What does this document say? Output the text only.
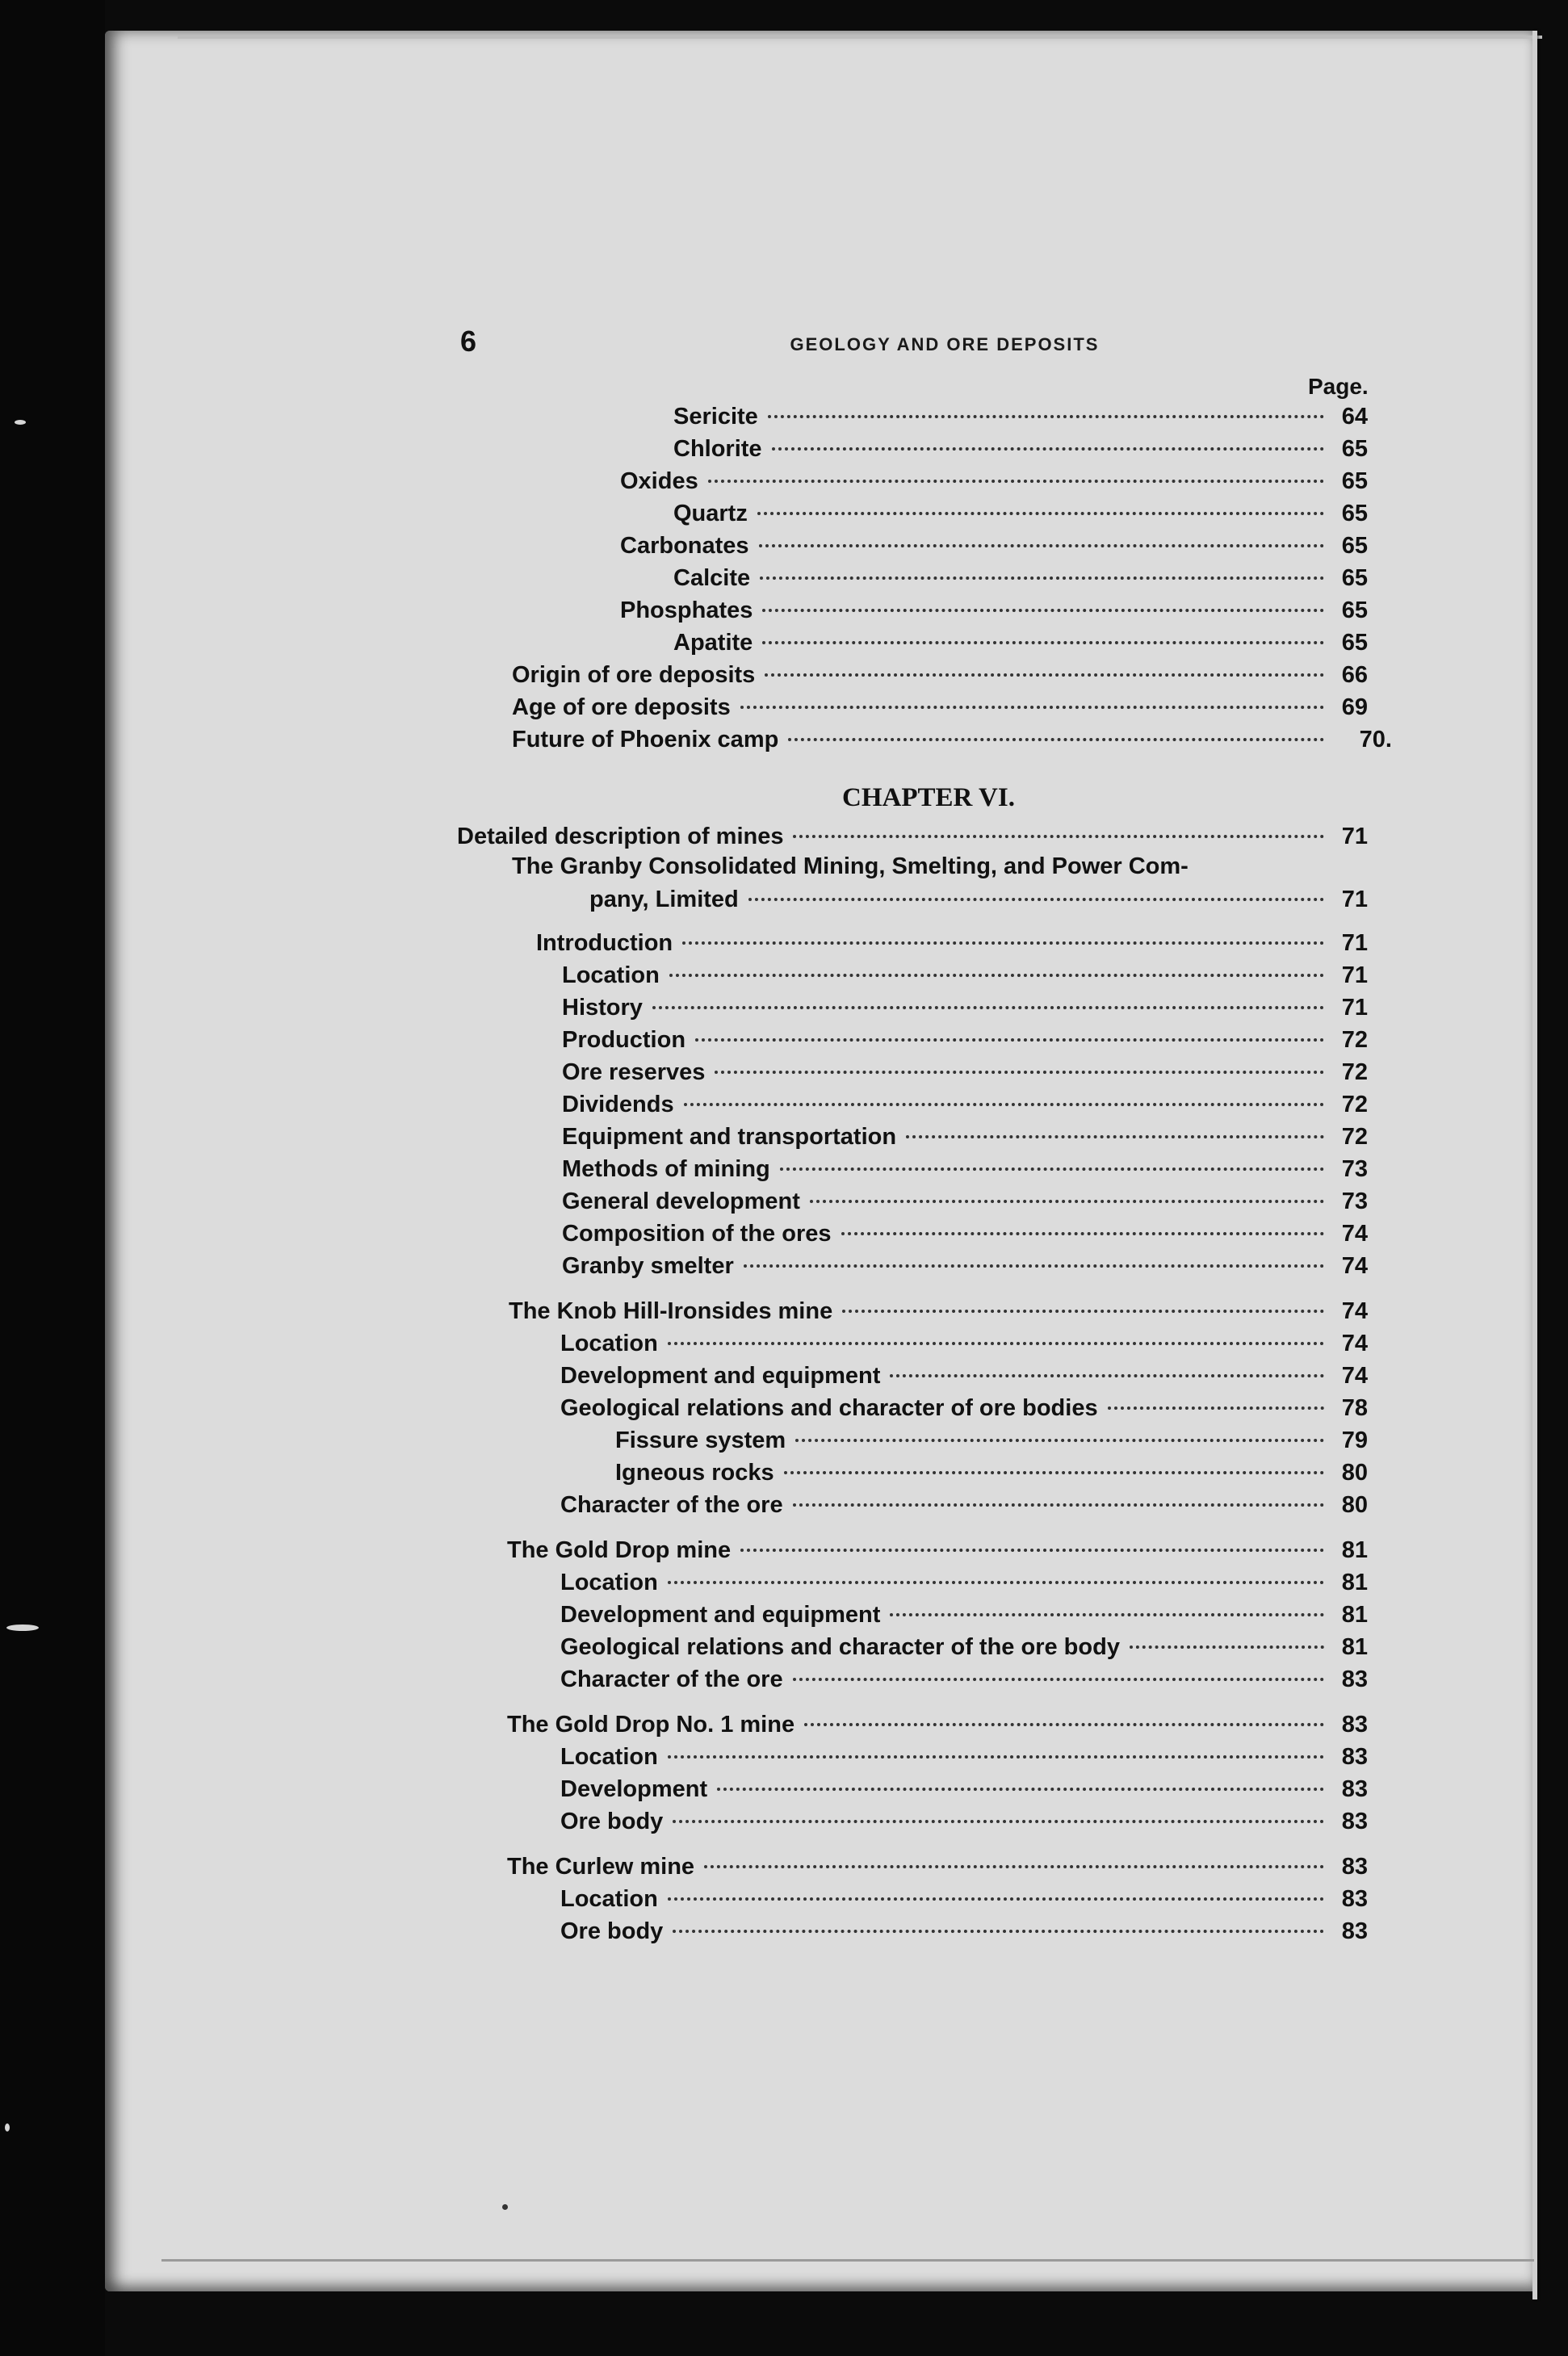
6	GEOLOGY AND ORE DEPOSITS
Page.
Sericite	64
Chlorite	65
Oxides	65
Quartz	65
Carbonates	65
Calcite	65
Phosphates	65
Apatite	65
Origin of ore deposits	66
Age of ore deposits	69
Future of Phoenix camp	70.
CHAPTER VI.
Detailed description of mines	71
The Granby Consolidated Mining, Smelting, and Power Com-
pany, Limited	71
Introduction	71
Location	71
History	71
Production	72
Ore reserves	72
Dividends	72
Equipment and transportation	72
Methods of mining	73
General development	73
Composition of the ores	74
Granby smelter	74
The Knob Hill-Ironsides mine	74
Location	74
Development and equipment	74
Geological relations and character of ore bodies	78
Fissure system	79
Igneous rocks	80
Character of the ore	80
The Gold Drop mine	81
Location	81
Development and equipment	81
Geological relations and character of the ore body	81
Character of the ore	83
The Gold Drop No. 1 mine	83
Location	83
Development	83
Ore body	83
The Curlew mine	83
Location	83
Ore body	83
